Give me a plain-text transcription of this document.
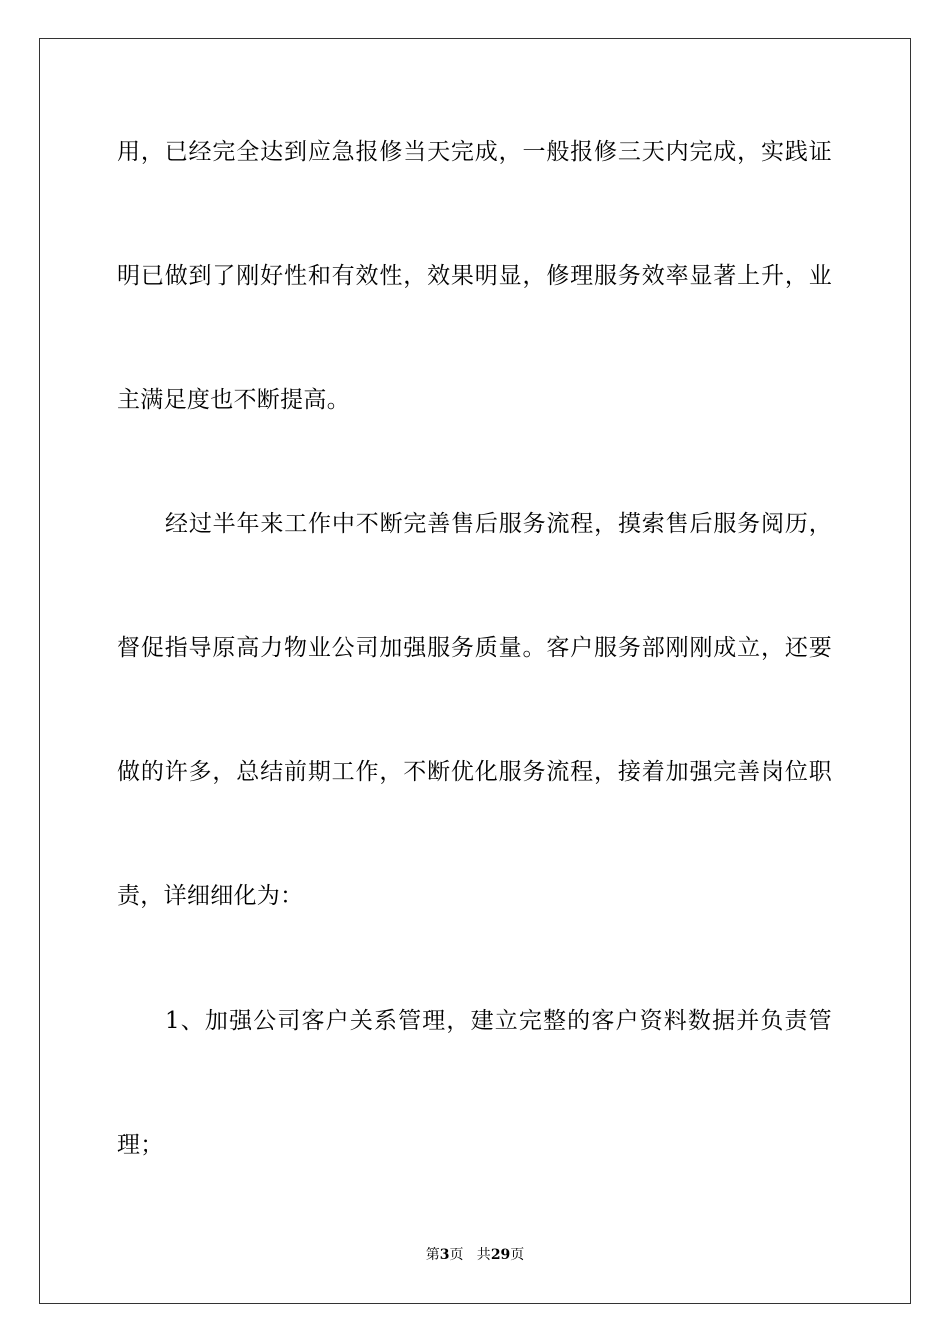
用，已经完全达到应急报修当天完成，一般报修三天内完成，实践证
明已做到了刚好性和有效性，效果明显，修理服务效率显著上升，业
主满足度也不断提高。
经过半年来工作中不断完善售后服务流程，摸索售后服务阅历，
督促指导原高力物业公司加强服务质量。客户服务部刚刚成立，还要
做的许多，总结前期工作，不断优化服务流程，接着加强完善岗位职
责，详细细化为：
1、加强公司客户关系管理，建立完整的客户资料数据并负责管
理；
第3页   共29页
